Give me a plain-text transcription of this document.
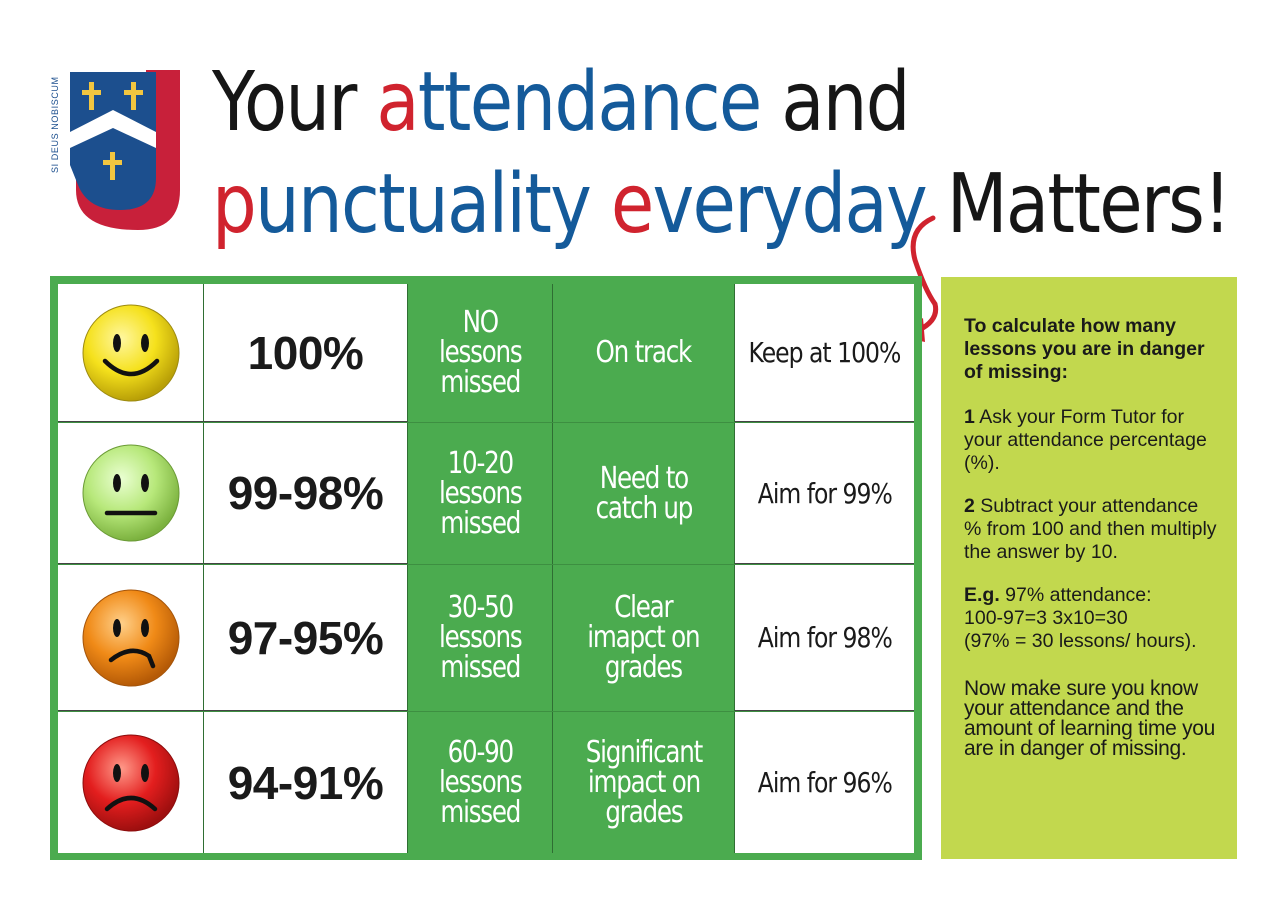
SI DEUS NOBISCUM Your attendance and
punctuality everyday Matters!
100%
NO
lessons
missed
On track Keep at 100%
99-98%
10-20
lessons
missed
Need to
catch up Aim for 99%
97-95%
30-50
lessons
missed
Clear
imapct on
grades
Aim for 98%
94-91%
60-90
lessons
missed
Significant
impact on
grades
Aim for 96%
To calculate how many lessons you are in danger of missing:

1 Ask your Form Tutor for your attendance percentage (%).

2 Subtract your attendance % from 100 and then multiply the answer by 10.

E.g. 97% attendance:
100-97=3 3x10=30
(97% = 30 lessons/ hours).

Now make sure you know your attendance and the amount of learning time you are in danger of missing.
